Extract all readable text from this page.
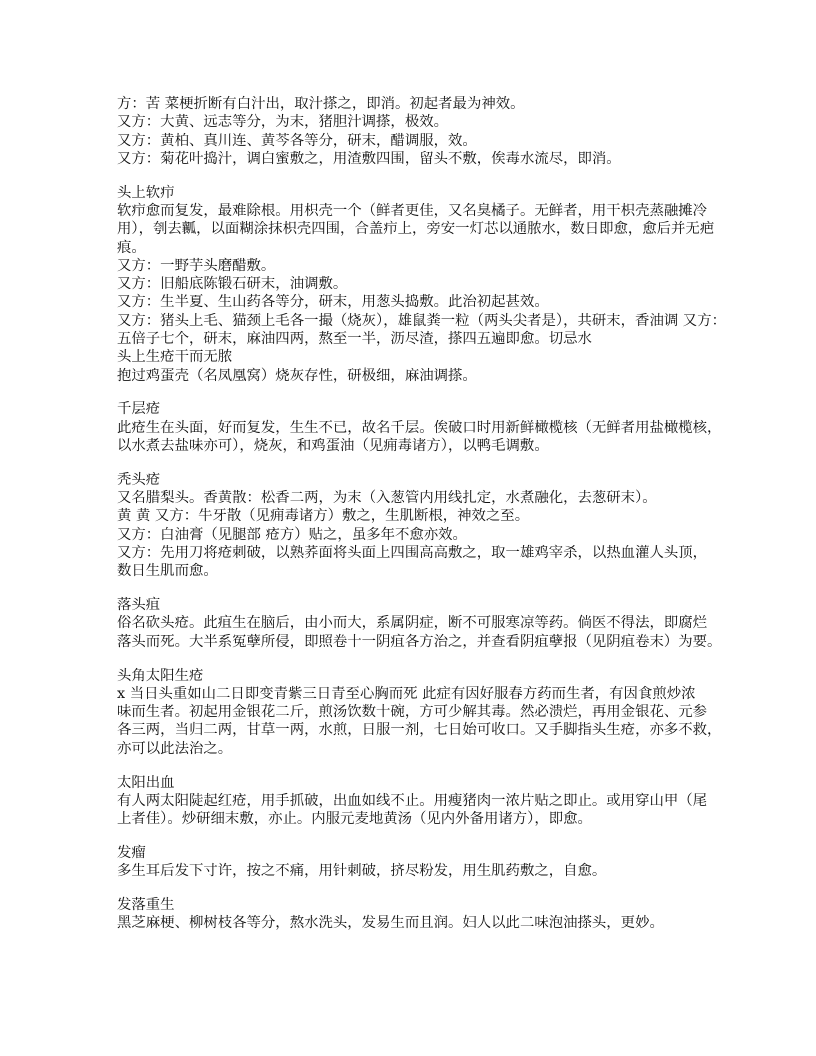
方：苦 菜梗折断有白汁出，取汁搽之，即消。初起者最为神效。
又方：大黄、远志等分，为末，猪胆汁调搽，极效。
又方：黄柏、真川连、黄芩各等分，研末，醋调服，效。
又方：菊花叶捣汁，调白蜜敷之，用渣敷四围，留头不敷，俟毒水流尽，即消。
头上软疖
软疖愈而复发，最难除根。用枳壳一个（鲜者更佳，又名臭橘子。无鲜者，用干枳壳蒸融摊冷
用），刳去瓤，以面糊涂抹枳壳四围，合盖疖上，旁安一灯芯以通脓水，数日即愈，愈后并无疤
痕。
又方：一野芋头磨醋敷。
又方：旧船底陈锻石研末，油调敷。
又方：生半夏、生山药各等分，研末，用葱头捣敷。此治初起甚效。
又方：猪头上毛、猫颈上毛各一撮（烧灰），雄鼠粪一粒（两头尖者是），共研末，香油调 又方：
五倍子七个，研末，麻油四两，熬至一半，沥尽渣，搽四五遍即愈。切忌水
头上生疮干而无脓
抱过鸡蛋壳（名凤凰窝）烧灰存性，研极细，麻油调搽。
千层疮
此疮生在头面，好而复发，生生不已，故名千层。俟破口时用新鲜橄榄核（无鲜者用盐橄榄核，
以水煮去盐味亦可），烧灰，和鸡蛋油（见痈毒诸方），以鸭毛调敷。
秃头疮
又名腊梨头。香黄散：松香二两，为末（入葱管内用线扎定，水煮融化，去葱研末）。
黄 黄 又方：牛牙散（见痈毒诸方）敷之，生肌断根，神效之至。
又方：白油膏（见腿部 疮方）贴之，虽多年不愈亦效。
又方：先用刀将疮刺破，以熟荞面将头面上四围高高敷之，取一雄鸡宰杀，以热血灌人头顶，
数日生肌而愈。
落头疽
俗名砍头疮。此疽生在脑后，由小而大，系属阴症，断不可服寒凉等药。倘医不得法，即腐烂
落头而死。大半系冤孽所侵，即照卷十一阴疽各方治之，并查看阴疽孽报（见阴疽卷末）为要。
头角太阳生疮
x 当日头重如山二日即变青紫三日青至心胸而死 此症有因好服春方药而生者，有因食煎炒浓
味而生者。初起用金银花二斤，煎汤饮数十碗，方可少解其毒。然必溃烂，再用金银花、元参
各三两，当归二两，甘草一两，水煎，日服一剂，七日始可收口。又手脚指头生疮，亦多不救，
亦可以此法治之。
太阳出血
有人两太阳陡起红疮，用手抓破，出血如线不止。用瘦猪肉一浓片贴之即止。或用穿山甲（尾
上者佳）。炒研细末敷，亦止。内服元麦地黄汤（见内外备用诸方），即愈。
发瘤
多生耳后发下寸许，按之不痛，用针刺破，挤尽粉发，用生肌药敷之，自愈。
发落重生
黑芝麻梗、柳树枝各等分，熬水洗头，发易生而且润。妇人以此二味泡油搽头，更妙。
